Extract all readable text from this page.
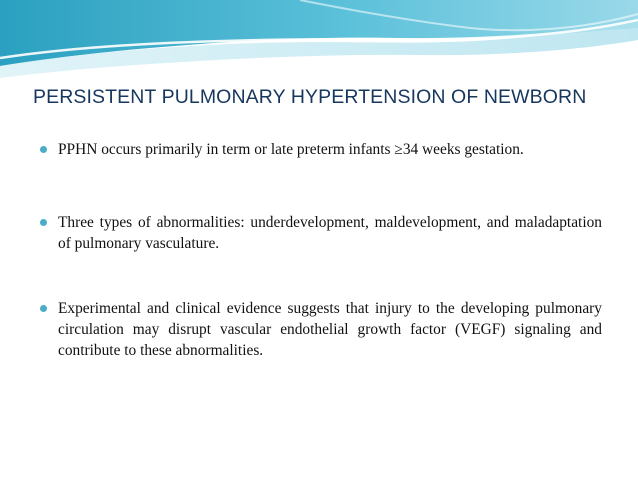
PERSISTENT PULMONARY HYPERTENSION OF NEWBORN
PPHN occurs primarily in term or late preterm infants ≥34 weeks gestation.
Three types of abnormalities: underdevelopment, maldevelopment, and maladaptation of pulmonary vasculature.
Experimental and clinical evidence suggests that injury to the developing pulmonary circulation may disrupt vascular endothelial growth factor (VEGF) signaling and contribute to these abnormalities.
